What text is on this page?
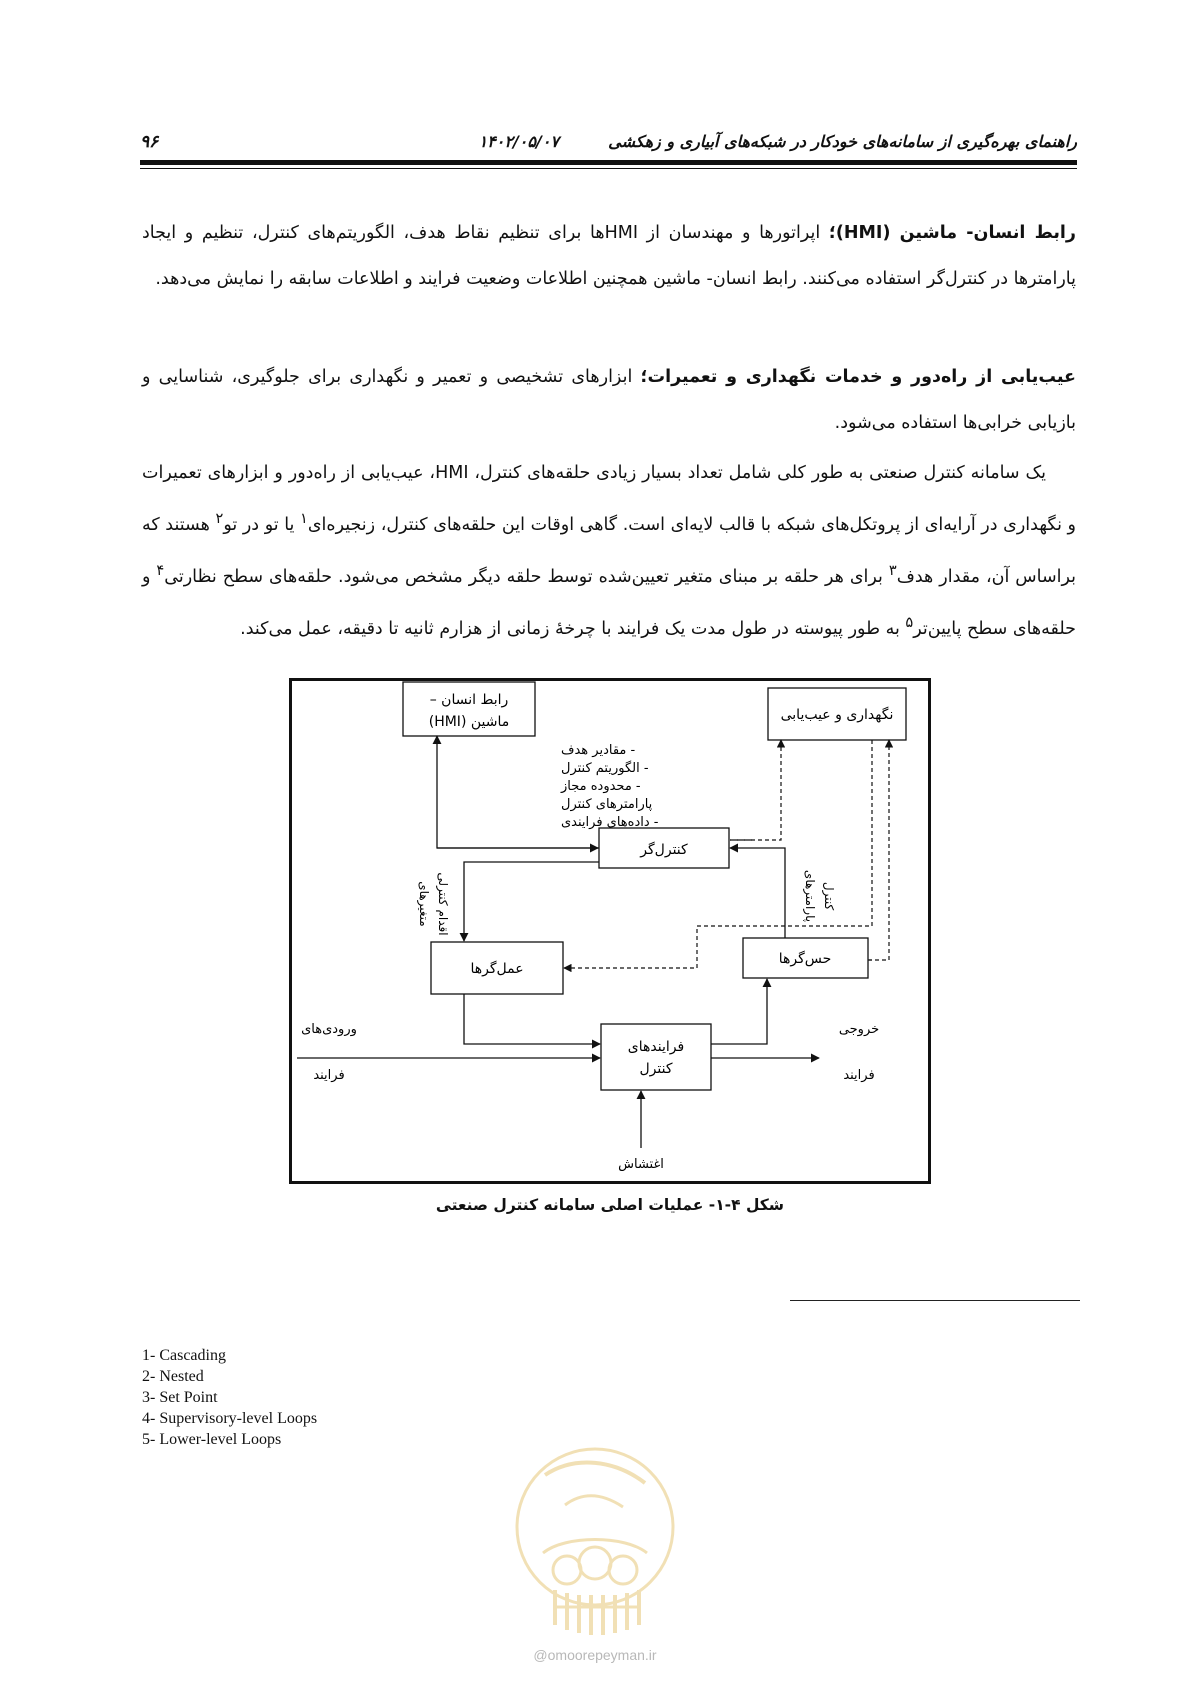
۹۶	راهنمای بهره‌گیری از سامانه‌های خودکار در شبکه‌های آبیاری و زهکشی  ۱۴۰۲/۰۵/۰۷

رابط انسان- ماشین (HMI)؛ اپراتورها و مهندسان از HMIها برای تنظیم نقاط هدف، الگوریتم‌های کنترل، تنظیم و ایجاد پارامترها در کنترل‌گر استفاده می‌کنند. رابط انسان- ماشین همچنین اطلاعات وضعیت فرایند و اطلاعات سابقه را نمایش می‌دهد.

عیب‌یابی از راه‌دور و خدمات نگهداری و تعمیرات؛ ابزارهای تشخیصی و تعمیر و نگهداری برای جلوگیری، شناسایی و بازیابی خرابی‌ها استفاده می‌شود.

یک سامانه کنترل صنعتی به طور کلی شامل تعداد بسیار زیادی حلقه‌های کنترل، HMI، عیب‌یابی از راه‌دور و ابزارهای تعمیرات و نگهداری در آرایه‌ای از پروتکل‌های شبکه با قالب لایه‌ای است. گاهی اوقات این حلقه‌های کنترل، زنجیره‌ای$^۱$ یا تو در تو$^۲$ هستند که براساس آن، مقدار هدف$^۳$ برای هر حلقه بر مبنای متغیر تعیین‌شده توسط حلقه دیگر مشخص می‌شود. حلقه‌های سطح نظارتی$^۴$ و حلقه‌های سطح پایین‌تر$^۵$ به طور پیوسته در طول مدت یک فرایند با چرخهٔ زمانی از هزارم ثانیه تا دقیقه، عمل می‌کند.

رابط انسان –
ماشین (HMI)	نگهداری و عیب‌یابی
کنترل‌گر
عمل‌گرها
حس‌گرها
فرایندهای
کنترل
- مقادیر هدف
- الگوریتم کنترل
- محدوده مجاز
پارامترهای کنترل
- داده‌های فرایندی
متغیرهای اقدام کنترلی	پارامترهای کنترل
ورودی‌های
فرایند
خروجی
فرایند
اغتشاش
شکل ۴-۱- عملیات اصلی سامانه کنترل صنعتی
1- Cascading
2- Nested
3- Set Point
4- Supervisory-level Loops
5- Lower-level Loops
@omoorepeyman.ir
